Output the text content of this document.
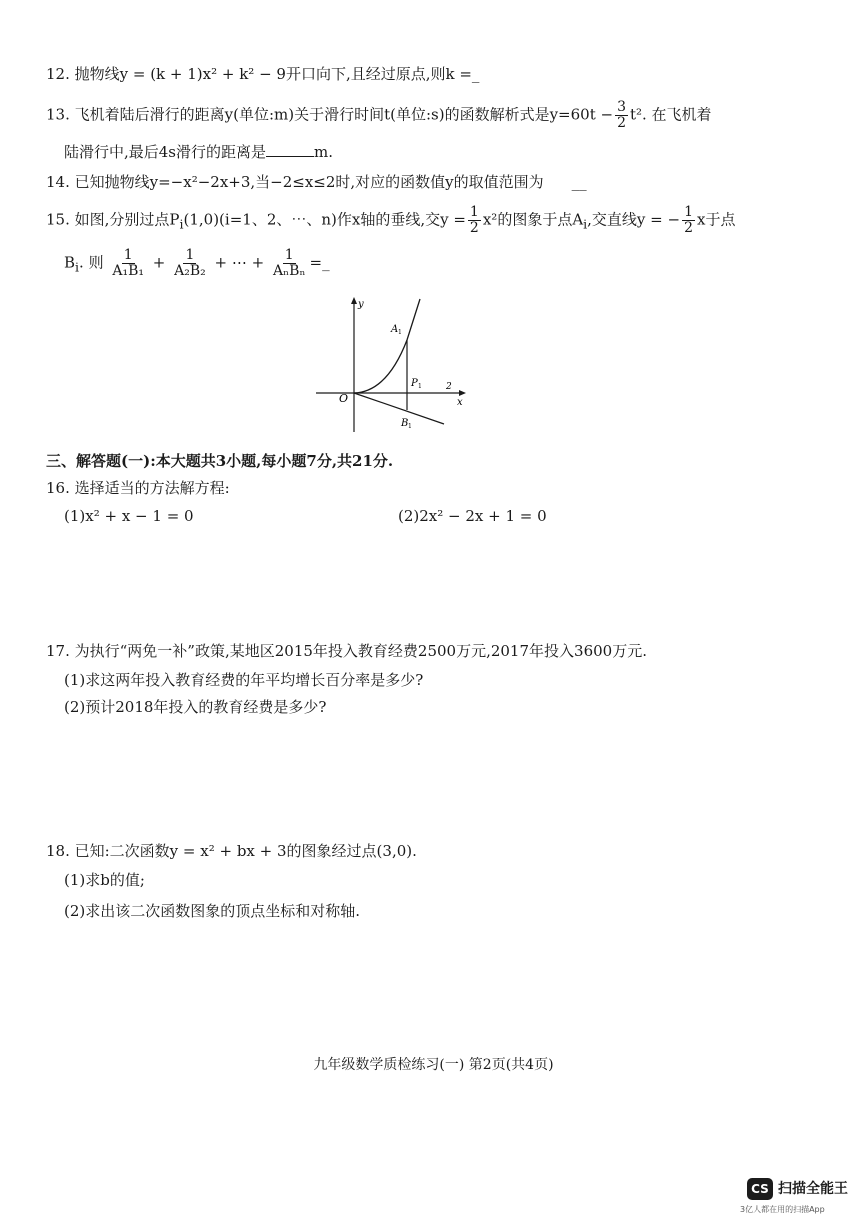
12. 抛物线y = (k + 1)x² + k² − 9开口向下,且经过原点,则k =_
13. 飞机着陆后滑行的距离y(单位:m)关于滑行时间t(单位:s)的函数解析式是$y=60t - \frac{3}{2} t^2$. 在飞机着
陆滑行中,最后4s滑行的距离是	m.
14. 已知抛物线y=−x²−2x+3,当−2≤x≤2时,对应的函数值y的取值范围为 __
15. 如图,分别过点$P_i(1,0)(i=1$、2、⋯、n)作x轴的垂线,交$y = \frac{1}{2} x^2$的图象于点$A_i$,交直线y = − $\frac{1}{2}$ x于点
$B_i$. 则 $\frac{1}{\text{A₁B₁}} + \frac{1}{\text{A₂B₂}}$ + ⋯ + $\frac{1}{\text{AₙBₙ}}$ =_
y
x
O
A 1
P 1	2
B 1
三、解答题(一):本大题共3小题,每小题7分,共21分.
16. 选择适当的方法解方程:
(1)x² + x − 1 = 0	(2)2x² − 2x + 1 = 0
17. 为执行“两免一补”政策,某地区2015年投入教育经费2500万元,2017年投入3600万元.
(1)求这两年投入教育经费的年平均增长百分率是多少?
(2)预计2018年投入的教育经费是多少?
18. 已知:二次函数y = x² + bx + 3的图象经过点(3,0).
(1)求b的值;
(2)求出该二次函数图象的顶点坐标和对称轴.
九年级数学质检练习(一) 第2页(共4页)
CS 扫描全能王
3亿人都在用的扫描App
